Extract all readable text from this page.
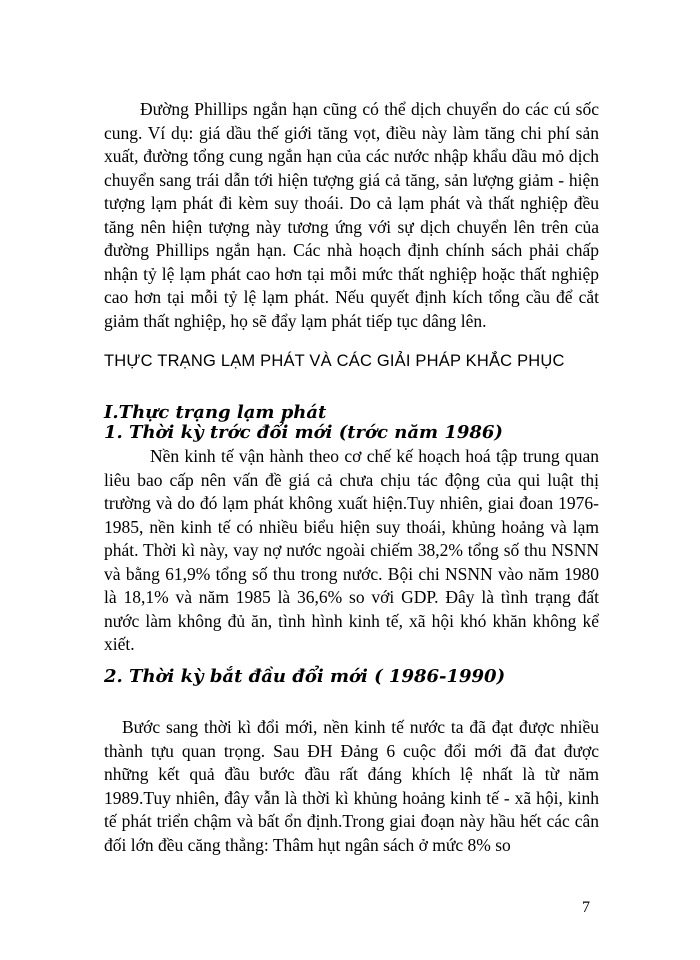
Đường Phillips ngắn hạn cũng có thể dịch chuyển do các cú sốc cung. Ví dụ: giá dầu thế giới tăng vọt, điều này làm tăng chi phí sản xuất, đường tổng cung ngắn hạn của các nước nhập khẩu dầu mỏ dịch chuyển sang trái dẫn tới hiện tượng giá cả tăng, sản lượng giảm - hiện tượng lạm phát đi kèm suy thoái. Do cả lạm phát và thất nghiệp đều tăng nên hiện tượng này tương ứng với sự dịch chuyển lên trên của đường Phillips ngắn hạn. Các nhà hoạch định chính sách phải chấp nhận tỷ lệ lạm phát cao hơn tại mỗi mức thất nghiệp hoặc thất nghiệp cao hơn tại mỗi tỷ lệ lạm phát. Nếu quyết định kích tổng cầu để cắt giảm thất nghiệp, họ sẽ đẩy lạm phát tiếp tục dâng lên.

THỰC TRẠNG LẠM PHÁT VÀ CÁC GIẢI PHÁP KHẮC PHỤC
I.Thực trạng lạm phát
1. Thời kỳ trớc đổi mới (trớc năm 1986)

Nền kinh tế vận hành theo cơ chế kế hoạch hoá tập trung quan liêu bao cấp nên vấn đề giá cả chưa chịu tác động của qui luật thị trường và do đó lạm phát không xuất hiện.Tuy nhiên, giai đoan 1976- 1985, nền kinh tế có nhiều biểu hiện suy thoái, khủng hoảng và lạm phát. Thời kì này, vay nợ nước ngoài chiếm 38,2% tổng số thu NSNN và bằng 61,9% tổng số thu trong nước. Bội chi NSNN vào năm 1980 là 18,1% và năm 1985 là 36,6% so với GDP. Đây là tình trạng đất nước làm không đủ ăn, tình hình kinh tế, xã hội khó khăn không kể xiết.

2. Thời kỳ bắt đầu đổi mới ( 1986-1990)

Bước sang thời kì đổi mới, nền kinh tế nước ta đã đạt được nhiều thành tựu quan trọng. Sau ĐH Đảng 6 cuộc đổi mới đã đat được những kết quả đầu bước đầu rất đáng khích lệ nhất là từ năm 1989.Tuy nhiên, đây vẫn là thời kì khủng hoảng kinh tế - xã hội, kinh tế phát triển chậm và bất ổn định.Trong giai đoạn này hầu hết các cân đối lớn đều căng thẳng: Thâm hụt ngân sách ở mức 8% so

7
